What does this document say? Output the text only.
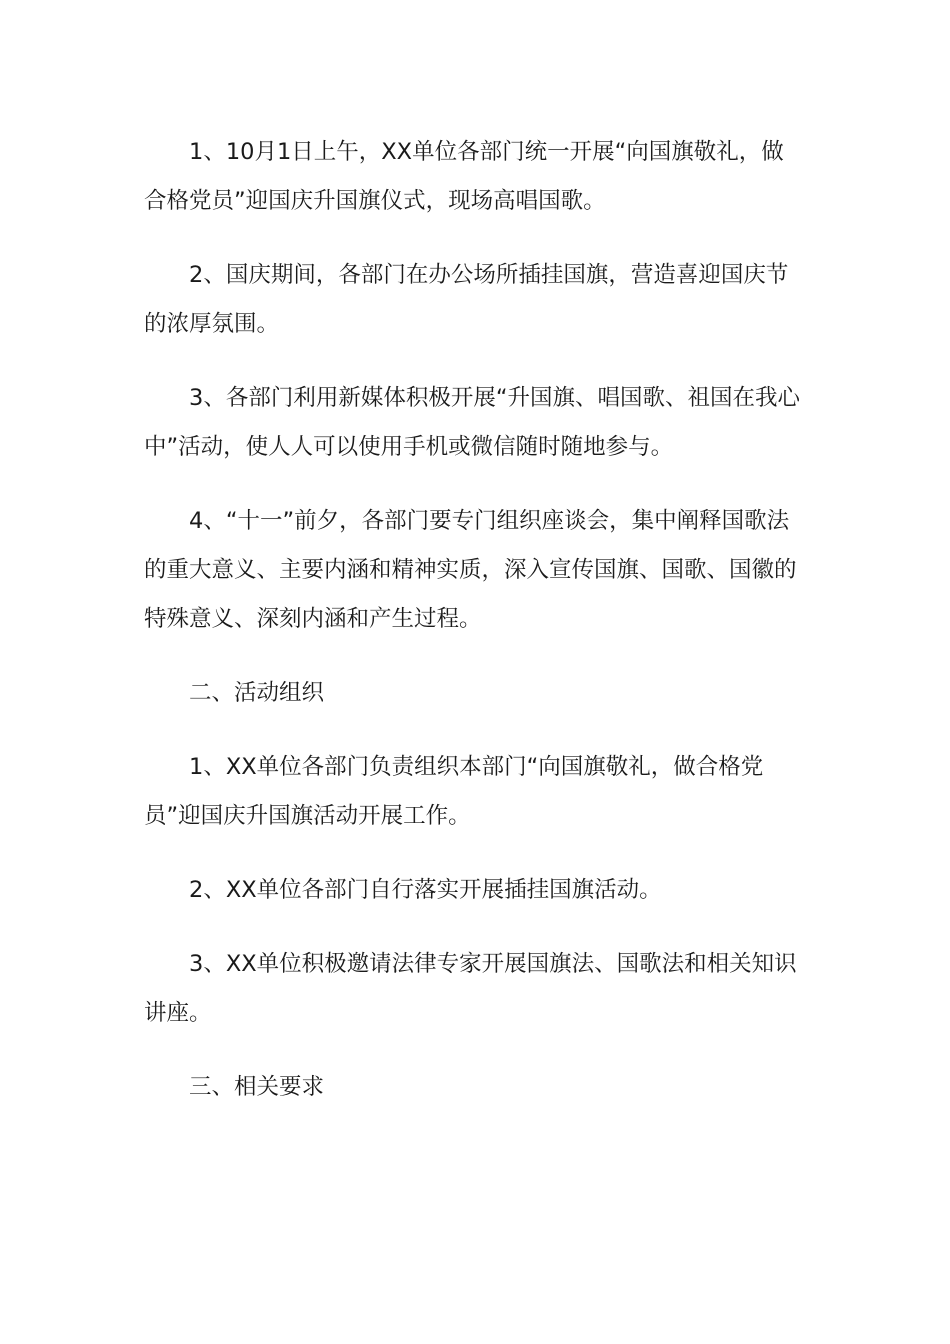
1、10月1日上午，XX单位各部门统一开展“向国旗敬礼，做合格党员”迎国庆升国旗仪式，现场高唱国歌。

2、国庆期间，各部门在办公场所插挂国旗，营造喜迎国庆节的浓厚氛围。

3、各部门利用新媒体积极开展“升国旗、唱国歌、祖国在我心中”活动，使人人可以使用手机或微信随时随地参与。

4、“十一”前夕，各部门要专门组织座谈会，集中阐释国歌法的重大意义、主要内涵和精神实质，深入宣传国旗、国歌、国徽的特殊意义、深刻内涵和产生过程。

二、活动组织

1、XX单位各部门负责组织本部门“向国旗敬礼，做合格党员”迎国庆升国旗活动开展工作。

2、XX单位各部门自行落实开展插挂国旗活动。

3、XX单位积极邀请法律专家开展国旗法、国歌法和相关知识讲座。

三、相关要求
